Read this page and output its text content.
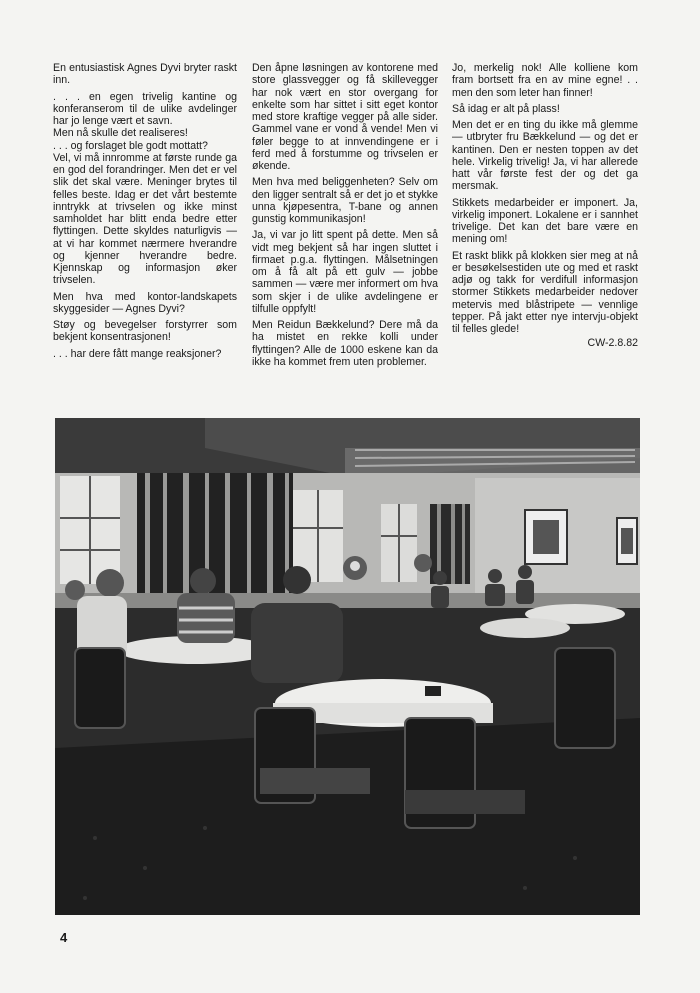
En entusiastisk Agnes Dyvi bryter raskt inn.

. . . en egen trivelig kantine og konferanserom til de ulike avdelinger har jo lenge vært et savn.

Men nå skulle det realiseres!

. . . og forslaget ble godt mottatt?

Vel, vi må innromme at første runde ga en god del forandringer. Men det er vel slik det skal være. Meninger brytes til felles beste. Idag er det vårt bestemte inntrykk at trivselen og ikke minst samholdet har blitt enda bedre etter flyttingen. Dette skyldes naturligvis — at vi har kommet nærmere hverandre og kjenner hverandre bedre. Kjennskap og informasjon øker trivselen.

Men hva med kontor-landskapets skyggesider — Agnes Dyvi?

Støy og bevegelser forstyrrer som bekjent konsentrasjonen!

. . . har dere fått mange reaksjoner?

Den åpne løsningen av kontorene med store glassvegger og få skillevegger har nok vært en stor overgang for enkelte som har sittet i sitt eget kontor med store kraftige vegger på alle sider. Gammel vane er vond å vende! Men vi føler begge to at innvendingene er i ferd med å forstumme og trivselen er økende.

Men hva med beliggenheten? Selv om den ligger sentralt så er det jo et stykke unna kjøpesentra, T-bane og annen gunstig kommunikasjon!

Ja, vi var jo litt spent på dette. Men så vidt meg bekjent så har ingen sluttet i firmaet p.g.a. flyttingen. Målsetningen om å få alt på ett gulv — jobbe sammen — være mer informert om hva som skjer i de ulike avdelingene er tilfulle oppfylt!

Men Reidun Bækkelund? Dere må da ha mistet en rekke kolli under flyttingen? Alle de 1000 eskene kan da ikke ha kommet frem uten problemer.

Jo, merkelig nok! Alle kolliene kom fram bortsett fra en av mine egne! . . men den som leter han finner!

Så idag er alt på plass!

Men det er en ting du ikke må glemme — utbryter fru Bækkelund — og det er kantinen. Den er nesten toppen av det hele. Virkelig trivelig! Ja, vi har allerede hatt vår første fest der og det ga mersmak.

Stikkets medarbeider er imponert. Ja, virkelig imponert. Lokalene er i sannhet trivelige. Det kan det bare være en mening om!

Et raskt blikk på klokken sier meg at nå er besøkelsestiden ute og med et raskt adjø og takk for verdifull informasjon stormer Stikkets medarbeider nedover metervis med blåstripete — vennlige tepper. På jakt etter nye intervju-objekt til felles glede!

CW-2.8.82
4
